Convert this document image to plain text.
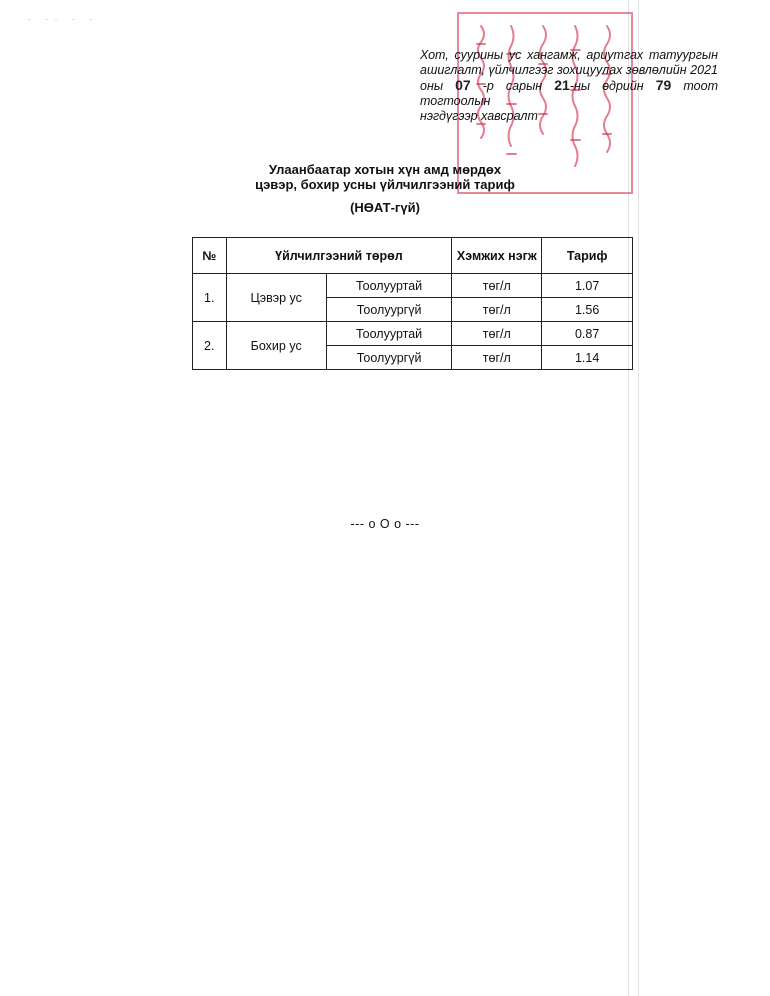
· ·· · ·
Хот, суурины ус хангамж, ариутгах татуургын ашиглалт, үйлчилгээг зохицуулах зөвлөлийн 2021 оны 07 -р сарын 21-ны өдрийн 79 тоот тогтоолын
нэгдүгээр хавсралт
Улаанбаатар хотын хүн амд мөрдөх
цэвэр, бохир усны үйлчилгээний тариф
(НӨАТ-гүй)
№	Үйлчилгээний төрөл		Хэмжих нэгж	Тариф
1.	Цэвэр ус	Тоолууртай	төг/л	1.07
		Тоолуургүй	төг/л	1.56
2.	Бохир ус	Тоолууртай	төг/л	0.87
		Тоолуургүй	төг/л	1.14
--- o O o ---
